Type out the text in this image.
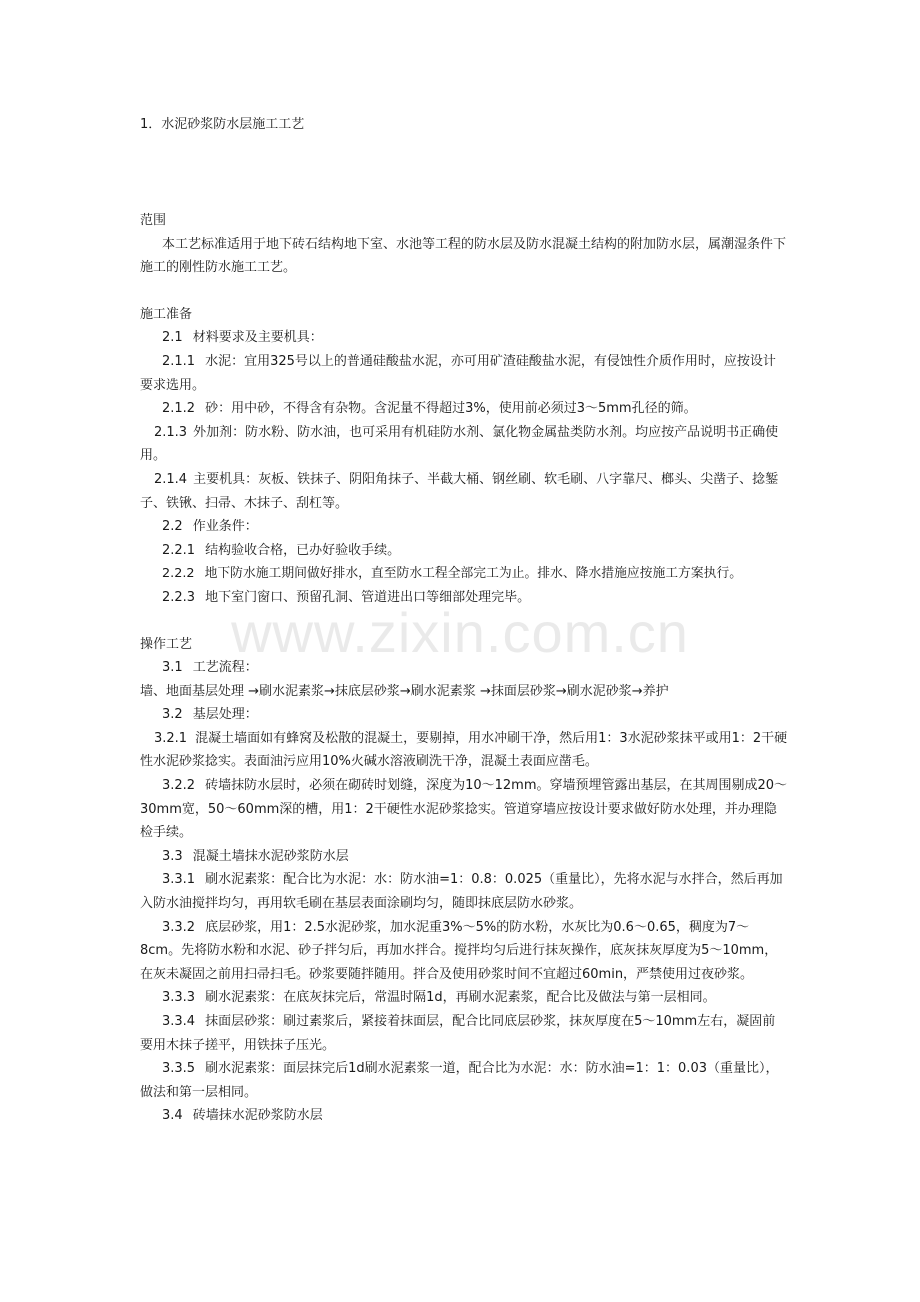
1．水泥砂浆防水层施工工艺

范围

本工艺标准适用于地下砖石结构地下室、水池等工程的防水层及防水混凝土结构的附加防水层，属潮湿条件下施工的刚性防水施工工艺。

施工准备

2.1 材料要求及主要机具：

2.1.1 水泥：宜用325号以上的普通硅酸盐水泥，亦可用矿渣硅酸盐水泥，有侵蚀性介质作用时，应按设计要求选用。

2.1.2 砂：用中砂，不得含有杂物。含泥量不得超过3%，使用前必须过3～5mm孔径的筛。

2.1.3 外加剂：防水粉、防水油，也可采用有机硅防水剂、氯化物金属盐类防水剂。均应按产品说明书正确使用。

2.1.4 主要机具：灰板、铁抹子、阴阳角抹子、半截大桶、钢丝刷、软毛刷、八字靠尺、榔头、尖凿子、捻錾子、铁锹、扫帚、木抹子、刮杠等。

2.2 作业条件：

2.2.1 结构验收合格，已办好验收手续。

2.2.2 地下防水施工期间做好排水，直至防水工程全部完工为止。排水、降水措施应按施工方案执行。

2.2.3 地下室门窗口、预留孔洞、管道进出口等细部处理完毕。

操作工艺

3.1 工艺流程：

墙、地面基层处理 →刷水泥素浆→抹底层砂浆→刷水泥素浆 →抹面层砂浆→刷水泥砂浆→养护

3.2 基层处理：

3.2.1 混凝土墙面如有蜂窝及松散的混凝土，要剔掉，用水冲刷干净，然后用1：3水泥砂浆抹平或用1：2干硬性水泥砂浆捻实。表面油污应用10%火碱水溶液刷洗干净，混凝土表面应凿毛。

3.2.2 砖墙抹防水层时，必须在砌砖时划缝，深度为10～12mm。穿墙预埋管露出基层，在其周围剔成20～30mm宽，50～60mm深的槽，用1：2干硬性水泥砂浆捻实。管道穿墙应按设计要求做好防水处理，并办理隐检手续。

3.3 混凝土墙抹水泥砂浆防水层

3.3.1 刷水泥素浆：配合比为水泥：水：防水油=1：0.8：0.025（重量比），先将水泥与水拌合，然后再加入防水油搅拌均匀，再用软毛刷在基层表面涂刷均匀，随即抹底层防水砂浆。

3.3.2 底层砂浆，用1：2.5水泥砂浆，加水泥重3%～5%的防水粉，水灰比为0.6～0.65，稠度为7～8cm。先将防水粉和水泥、砂子拌匀后，再加水拌合。搅拌均匀后进行抹灰操作，底灰抹灰厚度为5～10mm，在灰未凝固之前用扫帚扫毛。砂浆要随拌随用。拌合及使用砂浆时间不宜超过60min，严禁使用过夜砂浆。

3.3.3 刷水泥素浆：在底灰抹完后，常温时隔1d，再刷水泥素浆，配合比及做法与第一层相同。

3.3.4 抹面层砂浆：刷过素浆后，紧接着抹面层，配合比同底层砂浆，抹灰厚度在5～10mm左右，凝固前要用木抹子搓平，用铁抹子压光。

3.3.5 刷水泥素浆：面层抹完后1d刷水泥素浆一道，配合比为水泥：水：防水油=1：1：0.03（重量比），做法和第一层相同。

3.4 砖墙抹水泥砂浆防水层

www.zixin.com.cn
